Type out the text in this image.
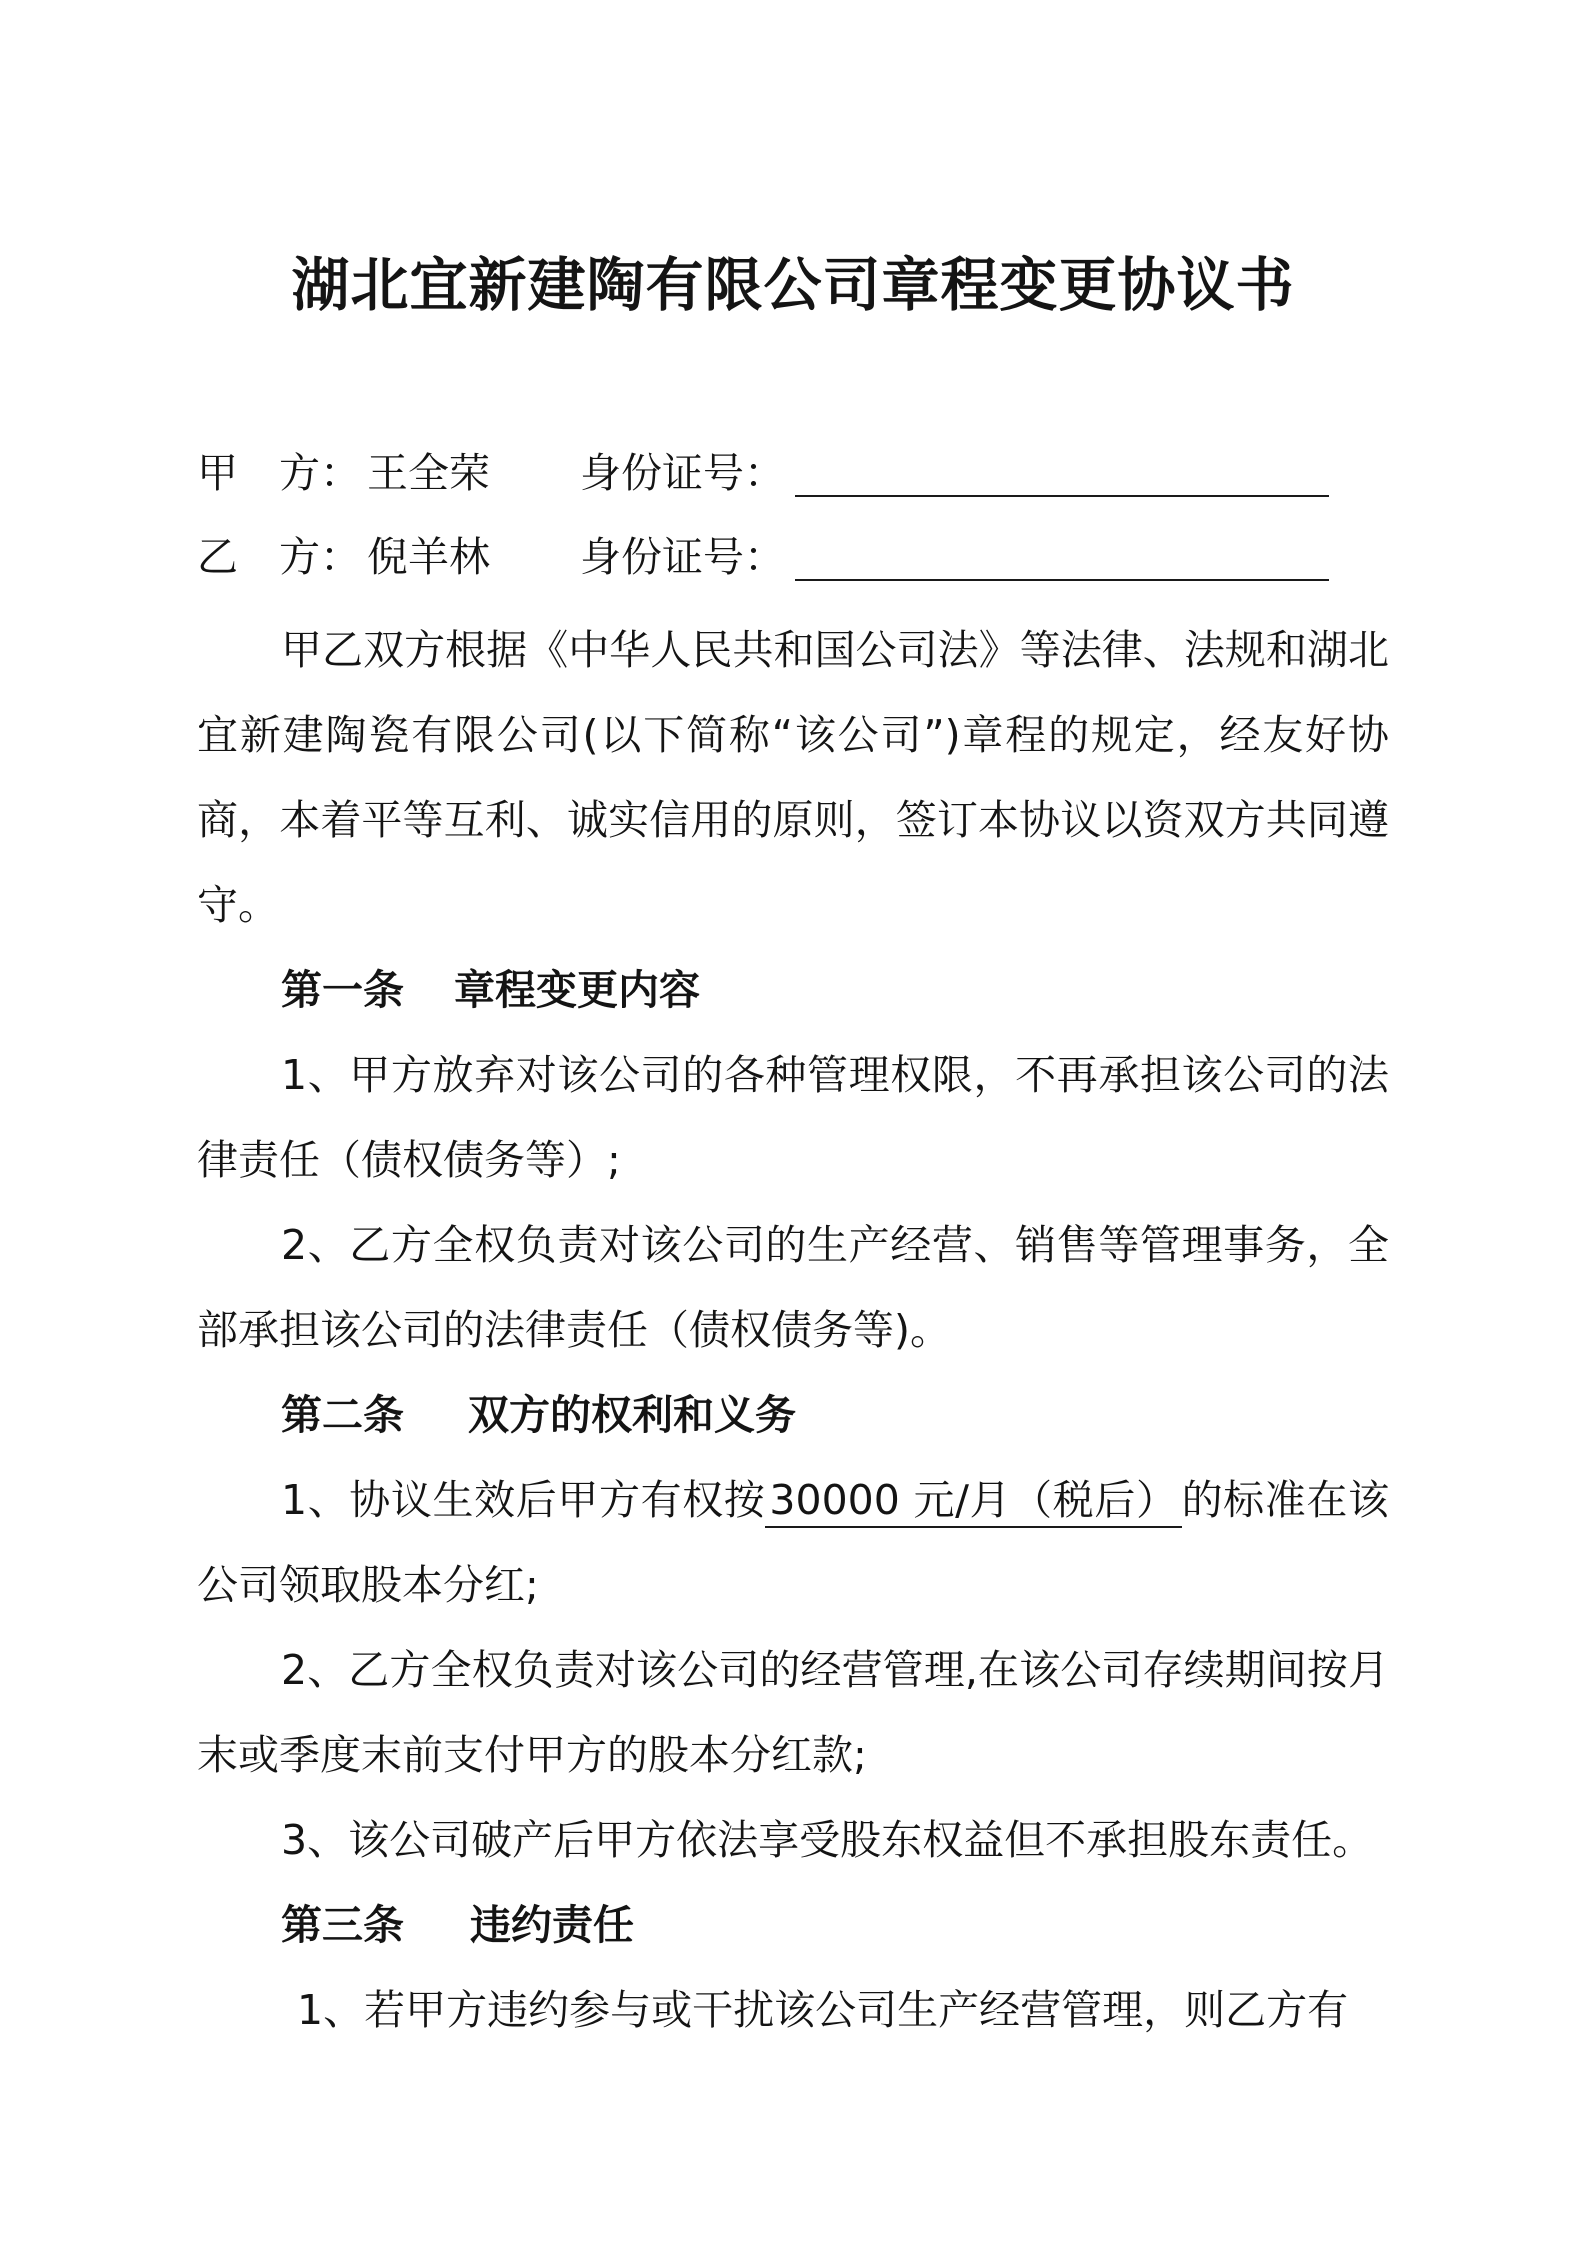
湖北宜新建陶有限公司章程变更协议书
甲 方： 王全荣 身份证号：
乙 方： 倪羊林 身份证号：

甲乙双方根据《中华人民共和国公司法》等法律、法规和湖北宜新建陶瓷有限公司(以下简称“该公司”)章程的规定，经友好协商，本着平等互利、诚实信用的原则，签订本协议以资双方共同遵守。

第一条 章程变更内容

1、甲方放弃对该公司的各种管理权限，不再承担该公司的法律责任（债权债务等）;

2、乙方全权负责对该公司的生产经营、销售等管理事务，全部承担该公司的法律责任（债权债务等)。

第二条 双方的权利和义务

1、协议生效后甲方有权按30000 元/月（税后）的标准在该公司领取股本分红;

2、乙方全权负责对该公司的经营管理,在该公司存续期间按月末或季度末前支付甲方的股本分红款;

3、该公司破产后甲方依法享受股东权益但不承担股东责任。

第三条 违约责任

1、若甲方违约参与或干扰该公司生产经营管理，则乙方有
